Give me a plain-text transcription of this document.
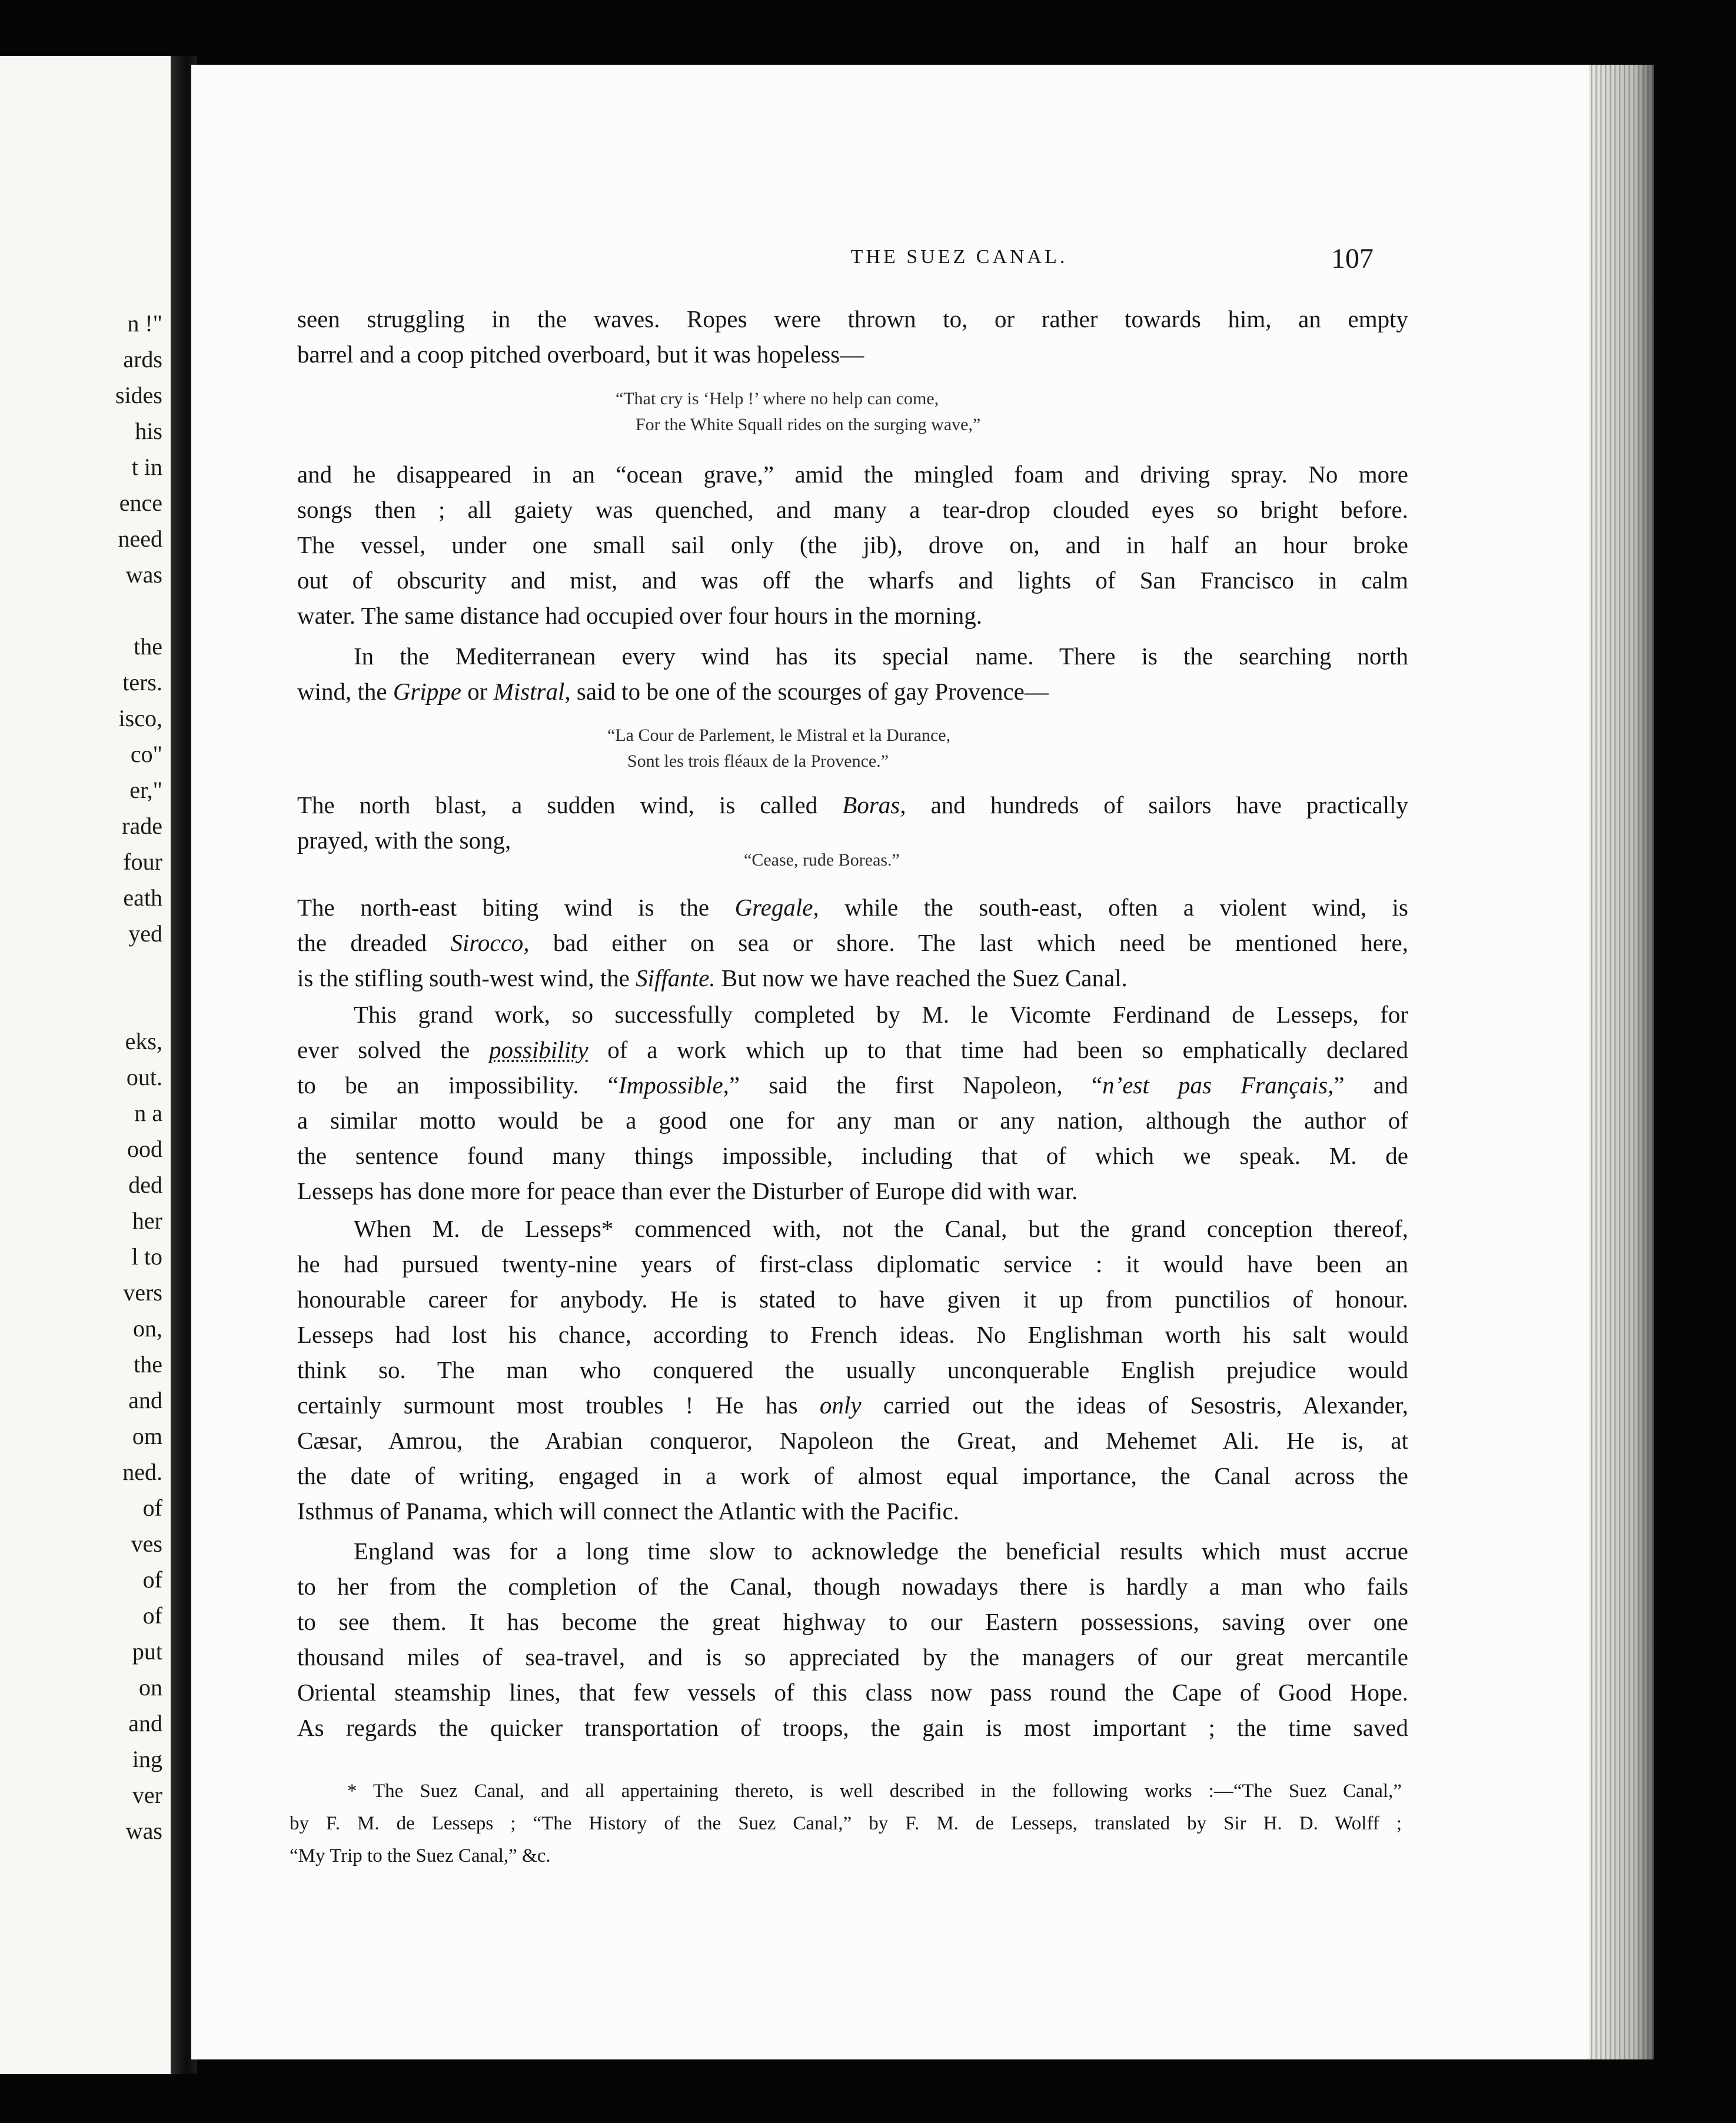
n !"
ards
sides
his
t in
ence
need
was
the
ters.
isco,
co"
er,"
rade
four
eath
yed
eks,
out.
n a
ood
ded
her
l to
vers
on,
the
and
om
ned.
of
ves
of
of
put
on
and
ing
ver
was
THE SUEZ CANAL.	107
seen struggling in the waves. Ropes were thrown to, or rather towards him, an empty
barrel and a coop pitched overboard, but it was hopeless—
“That cry is ‘Help !’ where no help can come,
For the White Squall rides on the surging wave,”
and he disappeared in an “ocean grave,” amid the mingled foam and driving spray. No more
songs then ; all gaiety was quenched, and many a tear-drop clouded eyes so bright before.
The vessel, under one small sail only (the jib), drove on, and in half an hour broke
out of obscurity and mist, and was off the wharfs and lights of San Francisco in calm
water. The same distance had occupied over four hours in the morning.
In the Mediterranean every wind has its special name. There is the searching north
wind, the Grippe or Mistral, said to be one of the scourges of gay Provence—
“La Cour de Parlement, le Mistral et la Durance,
Sont les trois fléaux de la Provence.”
The north blast, a sudden wind, is called Boras, and hundreds of sailors have practically
prayed, with the song,
“Cease, rude Boreas.”
The north-east biting wind is the Gregale, while the south-east, often a violent wind, is
the dreaded Sirocco, bad either on sea or shore. The last which need be mentioned here,
is the stifling south-west wind, the Siffante. But now we have reached the Suez Canal.
This grand work, so successfully completed by M. le Vicomte Ferdinand de Lesseps, for
ever solved the possibility of a work which up to that time had been so emphatically declared
to be an impossibility. “Impossible,” said the first Napoleon, “n’est pas Français,” and
a similar motto would be a good one for any man or any nation, although the author of
the sentence found many things impossible, including that of which we speak. M. de
Lesseps has done more for peace than ever the Disturber of Europe did with war.
When M. de Lesseps* commenced with, not the Canal, but the grand conception thereof,
he had pursued twenty-nine years of first-class diplomatic service : it would have been an
honourable career for anybody. He is stated to have given it up from punctilios of honour.
Lesseps had lost his chance, according to French ideas. No Englishman worth his salt would
think so. The man who conquered the usually unconquerable English prejudice would
certainly surmount most troubles ! He has only carried out the ideas of Sesostris, Alexander,
Cæsar, Amrou, the Arabian conqueror, Napoleon the Great, and Mehemet Ali. He is, at
the date of writing, engaged in a work of almost equal importance, the Canal across the
Isthmus of Panama, which will connect the Atlantic with the Pacific.
England was for a long time slow to acknowledge the beneficial results which must accrue
to her from the completion of the Canal, though nowadays there is hardly a man who fails
to see them. It has become the great highway to our Eastern possessions, saving over one
thousand miles of sea-travel, and is so appreciated by the managers of our great mercantile
Oriental steamship lines, that few vessels of this class now pass round the Cape of Good Hope.
As regards the quicker transportation of troops, the gain is most important ; the time saved
* The Suez Canal, and all appertaining thereto, is well described in the following works :—“The Suez Canal,”
by F. M. de Lesseps ; “The History of the Suez Canal,” by F. M. de Lesseps, translated by Sir H. D. Wolff ;
“My Trip to the Suez Canal,” &c.
